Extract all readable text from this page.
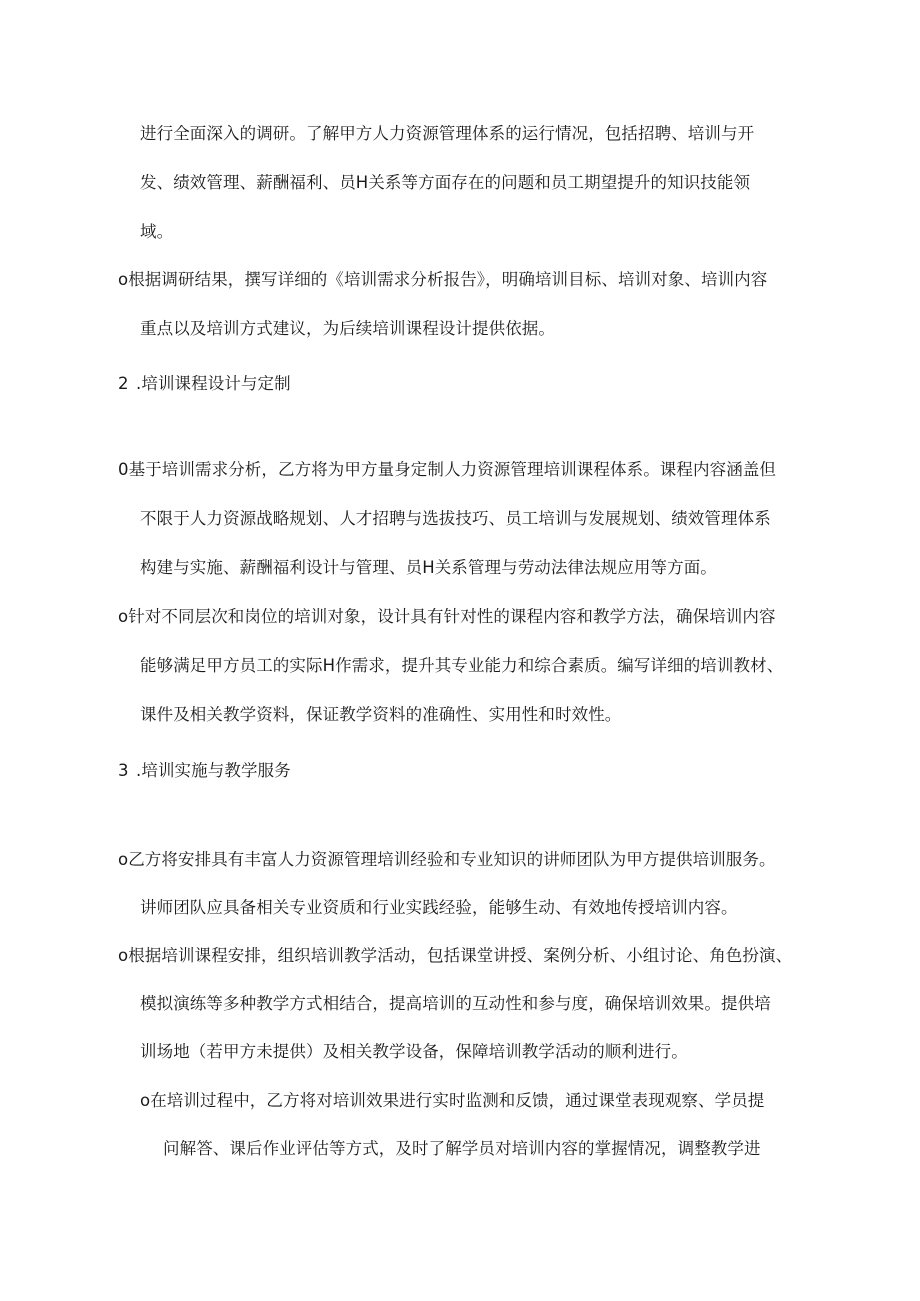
进行全面深入的调研。了解甲方人力资源管理体系的运行情况，包括招聘、培训与开
发、绩效管理、薪酬福利、员H关系等方面存在的问题和员工期望提升的知识技能领
域。
o根据调研结果，撰写详细的《培训需求分析报告》，明确培训目标、培训对象、培训内容
重点以及培训方式建议，为后续培训课程设计提供依据。
2 .培训课程设计与定制
0基于培训需求分析，乙方将为甲方量身定制人力资源管理培训课程体系。课程内容涵盖但
不限于人力资源战略规划、人才招聘与选拔技巧、员工培训与发展规划、绩效管理体系
构建与实施、薪酬福利设计与管理、员H关系管理与劳动法律法规应用等方面。
o针对不同层次和岗位的培训对象，设计具有针对性的课程内容和教学方法，确保培训内容
能够满足甲方员工的实际H作需求，提升其专业能力和综合素质。编写详细的培训教材、
课件及相关教学资料，保证教学资料的准确性、实用性和时效性。
3 .培训实施与教学服务
o乙方将安排具有丰富人力资源管理培训经验和专业知识的讲师团队为甲方提供培训服务。
讲师团队应具备相关专业资质和行业实践经验，能够生动、有效地传授培训内容。
o根据培训课程安排，组织培训教学活动，包括课堂讲授、案例分析、小组讨论、角色扮演、
模拟演练等多种教学方式相结合，提高培训的互动性和参与度，确保培训效果。提供培
训场地（若甲方未提供）及相关教学设备，保障培训教学活动的顺利进行。
o在培训过程中，乙方将对培训效果进行实时监测和反馈，通过课堂表现观察、学员提
问解答、课后作业评估等方式，及时了解学员对培训内容的掌握情况，调整教学进
